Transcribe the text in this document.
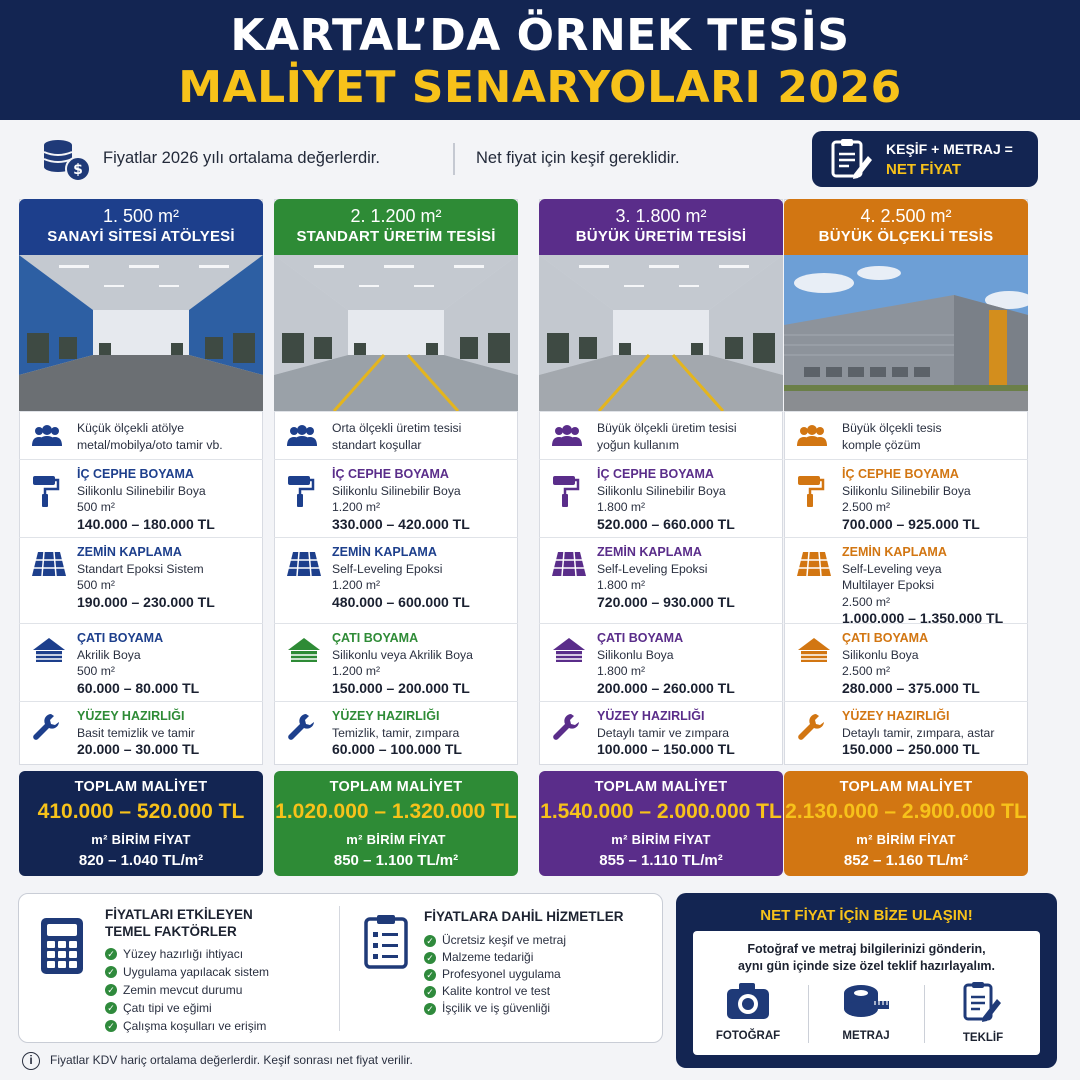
KARTAL’DA ÖRNEK TESİS
MALİYET SENARYOLARI 2026
$
Fiyatlar 2026 yılı ortalama değerlerdir.	Net fiyat için keşif gereklidir.	KEŞİF + METRAJ =
NET FİYAT
1. 500 m²
SANAYİ SİTESİ ATÖLYESİ
Küçük ölçekli atölye
metal/mobilya/oto tamir vb.
İÇ CEPHE BOYAMA
Silikonlu Silinebilir Boya
500 m²
140.000 – 180.000 TL
ZEMİN KAPLAMA
Standart Epoksi Sistem
500 m²
190.000 – 230.000 TL
ÇATI BOYAMA
Akrilik Boya
500 m²
60.000 – 80.000 TL
YÜZEY HAZIRLIĞI
Basit temizlik ve tamir
20.000 – 30.000 TL
TOPLAM MALİYET
410.000 – 520.000 TL
m² BİRİM FİYAT
820 – 1.040 TL/m²
2. 1.200 m²
STANDART ÜRETİM TESİSİ
Orta ölçekli üretim tesisi
standart koşullar
İÇ CEPHE BOYAMA
Silikonlu Silinebilir Boya
1.200 m²
330.000 – 420.000 TL
ZEMİN KAPLAMA
Self-Leveling Epoksi
1.200 m²
480.000 – 600.000 TL
ÇATI BOYAMA
Silikonlu veya Akrilik Boya
1.200 m²
150.000 – 200.000 TL
YÜZEY HAZIRLIĞI
Temizlik, tamir, zımpara
60.000 – 100.000 TL
TOPLAM MALİYET
1.020.000 – 1.320.000 TL
m² BİRİM FİYAT
850 – 1.100 TL/m²
3. 1.800 m²
BÜYÜK ÜRETİM TESİSİ
Büyük ölçekli üretim tesisi
yoğun kullanım
İÇ CEPHE BOYAMA
Silikonlu Silinebilir Boya
1.800 m²
520.000 – 660.000 TL
ZEMİN KAPLAMA
Self-Leveling Epoksi
1.800 m²
720.000 – 930.000 TL
ÇATI BOYAMA
Silikonlu Boya
1.800 m²
200.000 – 260.000 TL
YÜZEY HAZIRLIĞI
Detaylı tamir ve zımpara
100.000 – 150.000 TL
TOPLAM MALİYET
1.540.000 – 2.000.000 TL
m² BİRİM FİYAT
855 – 1.110 TL/m²
4. 2.500 m²
BÜYÜK ÖLÇEKLİ TESİS
Büyük ölçekli tesis
komple çözüm
İÇ CEPHE BOYAMA
Silikonlu Silinebilir Boya
2.500 m²
700.000 – 925.000 TL
ZEMİN KAPLAMA
Self-Leveling veya
Multilayer Epoksi
2.500 m²
1.000.000 – 1.350.000 TL
ÇATI BOYAMA
Silikonlu Boya
2.500 m²
280.000 – 375.000 TL
YÜZEY HAZIRLIĞI
Detaylı tamir, zımpara, astar
150.000 – 250.000 TL
TOPLAM MALİYET
2.130.000 – 2.900.000 TL
m² BİRİM FİYAT
852 – 1.160 TL/m²
FİYATLARI ETKİLEYEN
TEMEL FAKTÖRLER
✓ Yüzey hazırlığı ihtiyacı
✓ Uygulama yapılacak sistem
✓ Zemin mevcut durumu
✓ Çatı tipi ve eğimi
✓ Çalışma koşulları ve erişim
FİYATLARA DAHİL HİZMETLER
✓ Ücretsiz keşif ve metraj
✓ Malzeme tedariği
✓ Profesyonel uygulama
✓ Kalite kontrol ve test
✓ İşçilik ve iş güvenliği
i Fiyatlar KDV hariç ortalama değerlerdir. Keşif sonrası net fiyat verilir.
NET FİYAT İÇİN BİZE ULAŞIN!
Fotoğraf ve metraj bilgilerinizi gönderin,
aynı gün içinde size özel teklif hazırlayalım.
FOTOĞRAF	METRAJ	TEKLİF
